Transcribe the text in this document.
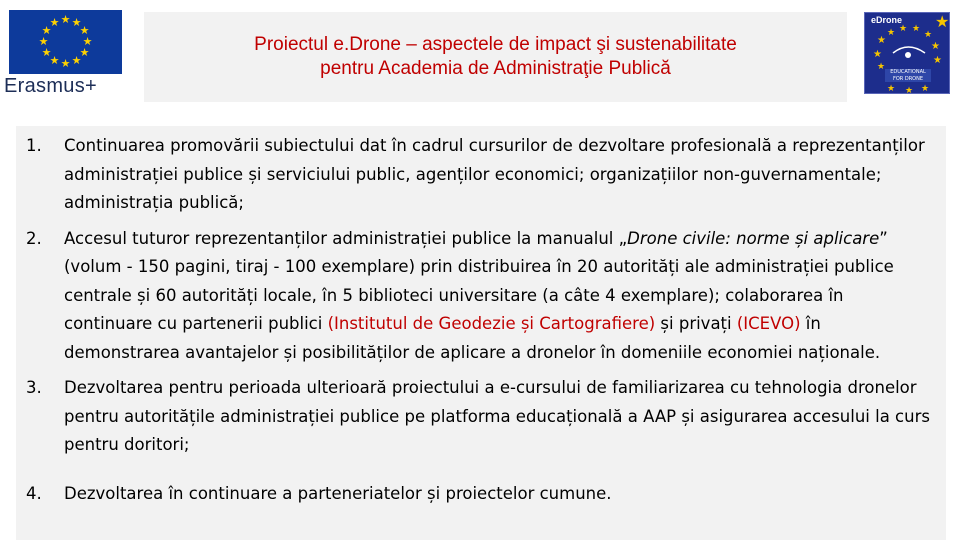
★ ★
★
★
★
★
★
★
★
★
★
★
Erasmus+
Proiectul e.Drone – aspectele de impact şi sustenabilitate
pentru Academia de Administraţie Publică
eDrone ★
★
★ ★ ★
★
★
★
★
★
★ ★ ★
EDUCATIONAL
FOR DRONE
1. Continuarea promovării subiectului dat în cadrul cursurilor de dezvoltare profesională a reprezentanților administrației publice și serviciului public, agenților economici; organizațiilor non-guvernamentale; administrația publică;
2. Accesul tuturor reprezentanților administrației publice la manualul „Drone civile: norme și aplicare” (volum - 150 pagini, tiraj - 100 exemplare) prin distribuirea în 20 autorități ale administrației publice centrale și 60 autorități locale, în 5 biblioteci universitare (a câte 4 exemplare); colaborarea în continuare cu partenerii publici (Institutul de Geodezie și Cartografiere) și privați (ICEVO) în demonstrarea avantajelor și posibilităților de aplicare a dronelor în domeniile economiei naționale.
3. Dezvoltarea pentru perioada ulterioară proiectului a e-cursului de familiarizarea cu tehnologia dronelor pentru autoritățile administrației publice pe platforma educațională a AAP și asigurarea accesului la curs pentru doritori;
4. Dezvoltarea în continuare a parteneriatelor și proiectelor cumune.
